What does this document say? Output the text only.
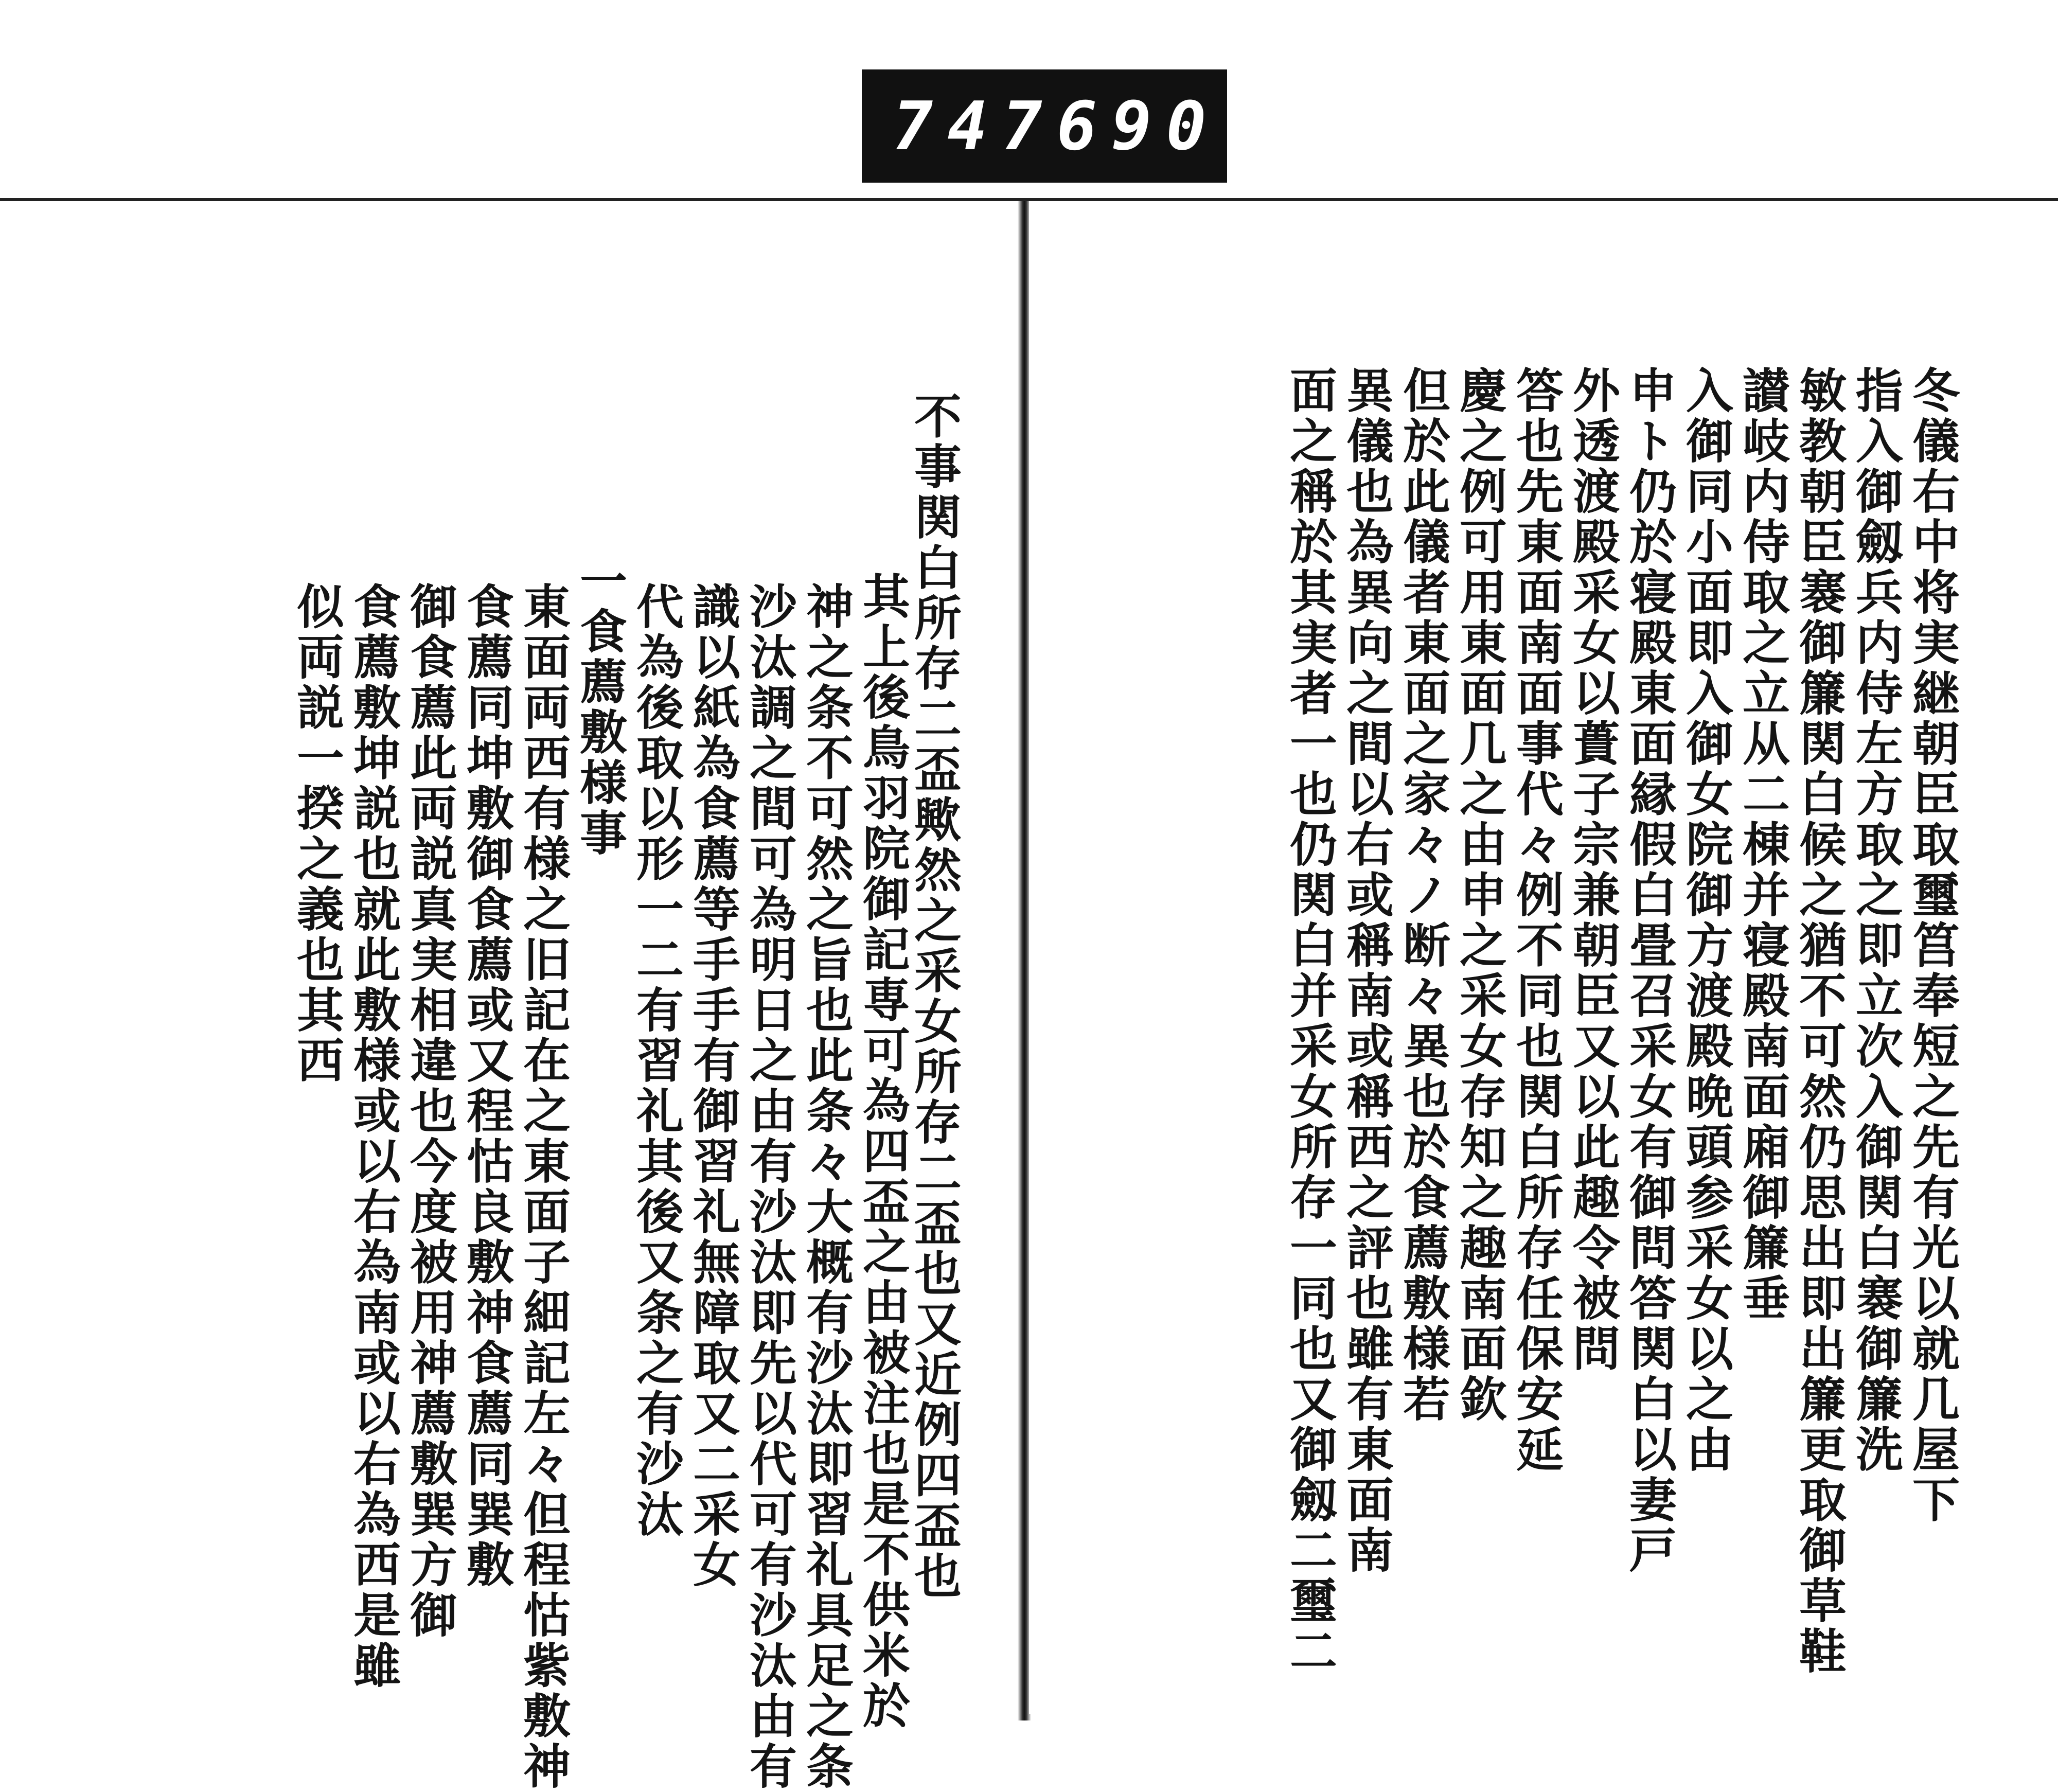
747 690.
不事関白所存二盃歟然之采女所存二盃也又近例四盃也
其上後鳥羽院御記専可為四盃之由被注也是不供米於
神之条不可然之旨也此条々大概有沙汰即習礼具足之条
沙汰調之間可為明日之由有沙汰即先以代可有沙汰由有
識以紙為食薦等手手有御習礼無障取又二采女
代為後取以形一二有習礼其後又条之有沙汰
一食薦敷様事
東面両西有様之旧記在之東面子細記左々但程怙紫敷神
食薦同坤敷御食薦或又程怙良敷神食薦同巽敷
御食薦此両説真実相違也今度被用神薦敷巽方御
食薦敷坤説也就此敷様或以右為南或以右為西是雖
似両説一揆之義也其西	冬儀右中将実継朝臣取璽筥奉短之先有光以就几屋下
指入御劔兵内侍左方取之即立次入御関白褰御簾洗
敏教朝臣褰御簾関白候之猶不可然仍思出即出簾更取御草鞋
讃岐内侍取之立从二棟并寝殿南面廂御簾垂
入御同小面即入御女院御方渡殿晩頭参采女以之由
申ト仍於寝殿東面縁假白畳召采女有御問答関白以妻戸
外透渡殿采女以蕢子宗兼朝臣又以此趣令被問
答也先東面南面事代々例不同也関白所存任保安延
慶之例可用東面几之由申之采女存知之趣南面欽
但於此儀者東面之家々ノ断々異也於食薦敷様若
異儀也為異向之間以右或稱南或稱西之評也雖有東面南
面之稱於其実者一也仍関白并采女所存一同也又御劔二璽二
